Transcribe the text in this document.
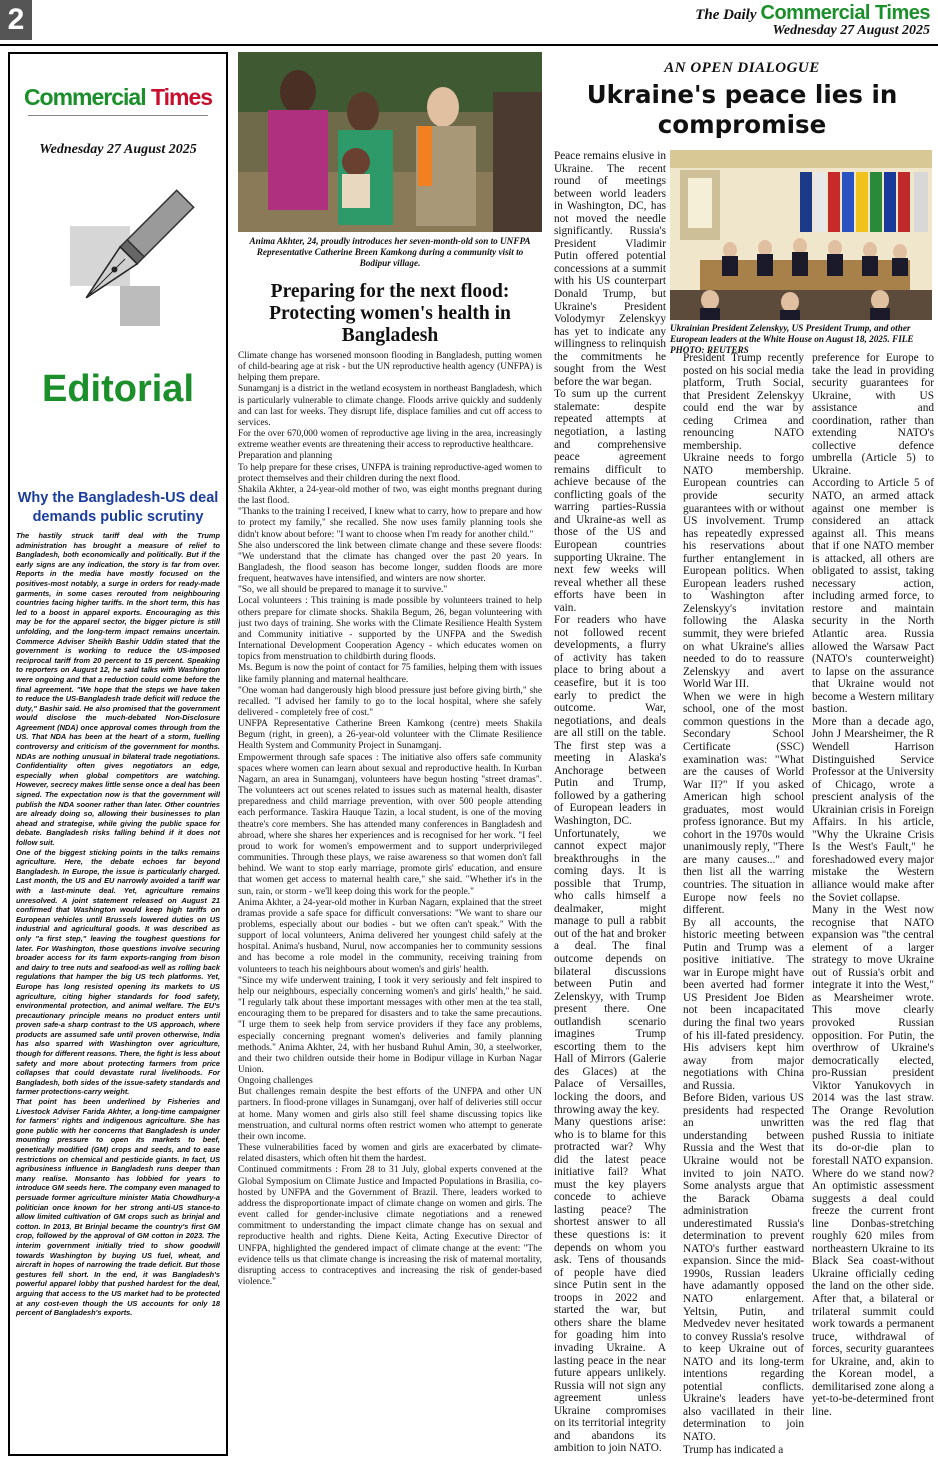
2	The Daily Commercial Times
Wednesday 27 August 2025
Commercial Times
Wednesday 27 August 2025
Editorial
Why the Bangladesh-US deal demands public scrutiny

The hastily struck tariff deal with the Trump administration has brought a measure of relief to Bangladesh, both economically and politically. But if the early signs are any indication, the story is far from over. Reports in the media have mostly focused on the positives-most notably, a surge in orders for ready-made garments, in some cases rerouted from neighbouring countries facing higher tariffs. In the short term, this has led to a boost in apparel exports. Encouraging as this may be for the apparel sector, the bigger picture is still unfolding, and the long-term impact remains uncertain. Commerce Adviser Sheikh Bashir Uddin stated that the government is working to reduce the US-imposed reciprocal tariff from 20 percent to 15 percent. Speaking to reporters on August 12, he said talks with Washington were ongoing and that a reduction could come before the final agreement. "We hope that the steps we have taken to reduce the US-Bangladesh trade deficit will reduce the duty," Bashir said. He also promised that the government would disclose the much-debated Non-Disclosure Agreement (NDA) once approval comes through from the US. That NDA has been at the heart of a storm, fuelling controversy and criticism of the government for months. NDAs are nothing unusual in bilateral trade negotiations. Confidentiality often gives negotiators an edge, especially when global competitors are watching. However, secrecy makes little sense once a deal has been signed. The expectation now is that the government will publish the NDA sooner rather than later. Other countries are already doing so, allowing their businesses to plan ahead and strategise, while giving the public space for debate. Bangladesh risks falling behind if it does not follow suit.

One of the biggest sticking points in the talks remains agriculture. Here, the debate echoes far beyond Bangladesh. In Europe, the issue is particularly charged. Last month, the US and EU narrowly avoided a tariff war with a last-minute deal. Yet, agriculture remains unresolved. A joint statement released on August 21 confirmed that Washington would keep high tariffs on European vehicles until Brussels lowered duties on US industrial and agricultural goods. It was described as only "a first step," leaving the toughest questions for later. For Washington, those questions involve securing broader access for its farm exports-ranging from bison and dairy to tree nuts and seafood-as well as rolling back regulations that hamper the big US tech platforms. Yet, Europe has long resisted opening its markets to US agriculture, citing higher standards for food safety, environmental protection, and animal welfare. The EU's precautionary principle means no product enters until proven safe-a sharp contrast to the US approach, where products are assumed safe until proven otherwise, India has also sparred with Washington over agriculture, though for different reasons. There, the fight is less about safety and more about protecting farmers from price collapses that could devastate rural livelihoods. For Bangladesh, both sides of the issue-safety standards and farmer protections-carry weight.

That point has been underlined by Fisheries and Livestock Adviser Farida Akhter, a long-time campaigner for farmers' rights and indigenous agriculture. She has gone public with her concerns that Bangladesh is under mounting pressure to open its markets to beef, genetically modified (GM) crops and seeds, and to ease restrictions on chemical and pesticide giants. In fact, US agribusiness influence in Bangladesh runs deeper than many realise. Monsanto has lobbied for years to introduce GM seeds here. The company even managed to persuade former agriculture minister Matia Chowdhury-a politician once known for her strong anti-US stance-to allow limited cultivation of GM crops such as brinjal and cotton. In 2013, Bt Brinjal became the country's first GM crop, followed by the approval of GM cotton in 2023. The interim government initially tried to show goodwill towards Washington by buying US fuel, wheat, and aircraft in hopes of narrowing the trade deficit. But those gestures fell short. In the end, it was Bangladesh's powerful apparel lobby that pushed hardest for the deal, arguing that access to the US market had to be protected at any cost-even though the US accounts for only 18 percent of Bangladesh's exports.

Anima Akhter, 24, proudly introduces her seven-month-old son to UNFPA Representative Catherine Breen Kamkong during a community visit to Bodipur village.
Preparing for the next flood: Protecting women's health in Bangladesh

Climate change has worsened monsoon flooding in Bangladesh, putting women of child-bearing age at risk - but the UN reproductive health agency (UNFPA) is helping them prepare.

Sunamganj is a district in the wetland ecosystem in northeast Bangladesh, which is particularly vulnerable to climate change. Floods arrive quickly and suddenly and can last for weeks. They disrupt life, displace families and cut off access to services.

For the over 670,000 women of reproductive age living in the area, increasingly extreme weather events are threatening their access to reproductive healthcare.

Preparation and planning

To help prepare for these crises, UNFPA is training reproductive-aged women to protect themselves and their children during the next flood.

Shakila Akhter, a 24-year-old mother of two, was eight months pregnant during the last flood.

"Thanks to the training I received, I knew what to carry, how to prepare and how to protect my family," she recalled. She now uses family planning tools she didn't know about before: "I want to choose when I'm ready for another child."

She also underscored the link between climate change and these severe floods: "We understand that the climate has changed over the past 20 years. In Bangladesh, the flood season has become longer, sudden floods are more frequent, heatwaves have intensified, and winters are now shorter.

"So, we all should be prepared to manage it to survive."

Local volunteers : This training is made possible by volunteers trained to help others prepare for climate shocks. Shakila Begum, 26, began volunteering with just two days of training. She works with the Climate Resilience Health System and Community initiative - supported by the UNFPA and the Swedish International Development Cooperation Agency - which educates women on topics from menstruation to childbirth during floods.

Ms. Begum is now the point of contact for 75 families, helping them with issues like family planning and maternal healthcare.

"One woman had dangerously high blood pressure just before giving birth," she recalled. "I advised her family to go to the local hospital, where she safely delivered - completely free of cost."

UNFPA Representative Catherine Breen Kamkong (centre) meets Shakila Begum (right, in green), a 26-year-old volunteer with the Climate Resilience Health System and Community Project in Sunamganj.

Empowerment through safe spaces : The initiative also offers safe community spaces where women can learn about sexual and reproductive health. In Kurban Nagarn, an area in Sunamganj, volunteers have begun hosting "street dramas". The volunteers act out scenes related to issues such as maternal health, disaster preparedness and child marriage prevention, with over 500 people attending each performance. Taskira Hauque Tazin, a local student, is one of the moving theatre's core members. She has attended many conferences in Bangladesh and abroad, where she shares her experiences and is recognised for her work. "I feel proud to work for women's empowerment and to support underprivileged communities. Through these plays, we raise awareness so that women don't fall behind. We want to stop early marriage, promote girls' education, and ensure that women get access to maternal health care," she said. "Whether it's in the sun, rain, or storm - we'll keep doing this work for the people."

Anima Akhter, a 24-year-old mother in Kurban Nagarn, explained that the street dramas provide a safe space for difficult conversations: "We want to share our problems, especially about our bodies - but we often can't speak." With the support of local volunteers, Anima delivered her youngest child safely at the hospital. Anima's husband, Nurul, now accompanies her to community sessions and has become a role model in the community, receiving training from volunteers to teach his neighbours about women's and girls' health.

"Since my wife underwent training, I took it very seriously and felt inspired to help our neighbours, especially concerning women's and girls' health," he said. "I regularly talk about these important messages with other men at the tea stall, encouraging them to be prepared for disasters and to take the same precautions. "I urge them to seek help from service providers if they face any problems, especially concerning pregnant women's deliveries and family planning methods." Anima Akhter, 24, with her husband Ruhul Amin, 30, a steelworker, and their two children outside their home in Bodipur village in Kurban Nagar Union.

Ongoing challenges

But challenges remain despite the best efforts of the UNFPA and other UN partners. In flood-prone villages in Sunamganj, over half of deliveries still occur at home. Many women and girls also still feel shame discussing topics like menstruation, and cultural norms often restrict women who attempt to generate their own income.

These vulnerabilities faced by women and girls are exacerbated by climate-related disasters, which often hit them the hardest.

Continued commitments : From 28 to 31 July, global experts convened at the Global Symposium on Climate Justice and Impacted Populations in Brasilia, co-hosted by UNFPA and the Government of Brazil. There, leaders worked to address the disproportionate impact of climate change on women and girls. The event called for gender-inclusive climate negotiations and a renewed commitment to understanding the impact climate change has on sexual and reproductive health and rights. Diene Keita, Acting Executive Director of UNFPA, highlighted the gendered impact of climate change at the event: "The evidence tells us that climate change is increasing the risk of maternal mortality, disrupting access to contraceptives and increasing the risk of gender-based violence."

AN OPEN DIALOGUE
Ukraine's peace lies in compromise
Ukrainian President Zelenskyy, US President Trump, and other European leaders at the White House on August 18, 2025. FILE PHOTO: REUTERS

Peace remains elusive in Ukraine. The recent round of meetings between world leaders in Washington, DC, has not moved the needle significantly. Russia's President Vladimir Putin offered potential concessions at a summit with his US counterpart Donald Trump, but Ukraine's President Volodymyr Zelenskyy has yet to indicate any willingness to relinquish the commitments he sought from the West before the war began.

To sum up the current stalemate: despite repeated attempts at negotiation, a lasting and comprehensive peace agreement remains difficult to achieve because of the conflicting goals of the warring parties-Russia and Ukraine-as well as those of the US and European countries supporting Ukraine. The next few weeks will reveal whether all these efforts have been in vain.

For readers who have not followed recent developments, a flurry of activity has taken place to bring about a ceasefire, but it is too early to predict the outcome. War, negotiations, and deals are all still on the table. The first step was a meeting in Alaska's Anchorage between Putin and Trump, followed by a gathering of European leaders in Washington, DC.

Unfortunately, we cannot expect major breakthroughs in the coming days. It is possible that Trump, who calls himself a dealmaker, might manage to pull a rabbit out of the hat and broker a deal. The final outcome depends on bilateral discussions between Putin and Zelenskyy, with Trump present there. One outlandish scenario imagines Trump escorting them to the Hall of Mirrors (Galerie des Glaces) at the Palace of Versailles, locking the doors, and throwing away the key.

Many questions arise: who is to blame for this protracted war? Why did the latest peace initiative fail? What must the key players concede to achieve lasting peace? The shortest answer to all these questions is: it depends on whom you ask. Tens of thousands of people have died since Putin sent in the troops in 2022 and started the war, but others share the blame for goading him into invading Ukraine. A lasting peace in the near future appears unlikely. Russia will not sign any agreement unless Ukraine compromises on its territorial integrity and abandons its ambition to join NATO.

President Trump recently posted on his social media platform, Truth Social, that President Zelenskyy could end the war by ceding Crimea and renouncing NATO membership.

Ukraine needs to forgo NATO membership. European countries can provide security guarantees with or without US involvement. Trump has repeatedly expressed his reservations about further entanglement in European politics. When European leaders rushed to Washington after Zelenskyy's invitation following the Alaska summit, they were briefed on what Ukraine's allies needed to do to reassure Zelenskyy and avert World War III.

When we were in high school, one of the most common questions in the Secondary School Certificate (SSC) examination was: "What are the causes of World War II?" If you asked American high school graduates, most would profess ignorance. But my cohort in the 1970s would unanimously reply, "There are many causes..." and then list all the warring countries. The situation in Europe now feels no different.

By all accounts, the historic meeting between Putin and Trump was a positive initiative. The war in Europe might have been averted had former US President Joe Biden not been incapacitated during the final two years of his ill-fated presidency. His advisers kept him away from major negotiations with China and Russia.

Before Biden, various US presidents had respected an unwritten understanding between Russia and the West that Ukraine would not be invited to join NATO. Some analysts argue that the Barack Obama administration underestimated Russia's determination to prevent NATO's further eastward expansion. Since the mid-1990s, Russian leaders have adamantly opposed NATO enlargement. Yeltsin, Putin, and Medvedev never hesitated to convey Russia's resolve to keep Ukraine out of NATO and its long-term intentions regarding potential conflicts. Ukraine's leaders have also vacillated in their determination to join NATO.

Trump has indicated a

preference for Europe to take the lead in providing security guarantees for Ukraine, with US assistance and coordination, rather than extending NATO's collective defence umbrella (Article 5) to Ukraine.

According to Article 5 of NATO, an armed attack against one member is considered an attack against all. This means that if one NATO member is attacked, all others are obligated to assist, taking necessary action, including armed force, to restore and maintain security in the North Atlantic area. Russia allowed the Warsaw Pact (NATO's counterweight) to lapse on the assurance that Ukraine would not become a Western military bastion.

More than a decade ago, John J Mearsheimer, the R Wendell Harrison Distinguished Service Professor at the University of Chicago, wrote a prescient analysis of the Ukrainian crisis in Foreign Affairs. In his article, "Why the Ukraine Crisis Is the West's Fault," he foreshadowed every major mistake the Western alliance would make after the Soviet collapse.

Many in the West now recognise that NATO expansion was "the central element of a larger strategy to move Ukraine out of Russia's orbit and integrate it into the West," as Mearsheimer wrote. This move clearly provoked Russian opposition. For Putin, the overthrow of Ukraine's democratically elected, pro-Russian president Viktor Yanukovych in 2014 was the last straw. The Orange Revolution was the red flag that pushed Russia to initiate its do-or-die plan to forestall NATO expansion.

Where do we stand now? An optimistic assessment suggests a deal could freeze the current front line Donbas-stretching roughly 620 miles from northeastern Ukraine to its Black Sea coast-without Ukraine officially ceding the land on the other side. After that, a bilateral or trilateral summit could work towards a permanent truce, withdrawal of forces, security guarantees for Ukraine, and, akin to the Korean model, a demilitarised zone along a yet-to-be-determined front line.
